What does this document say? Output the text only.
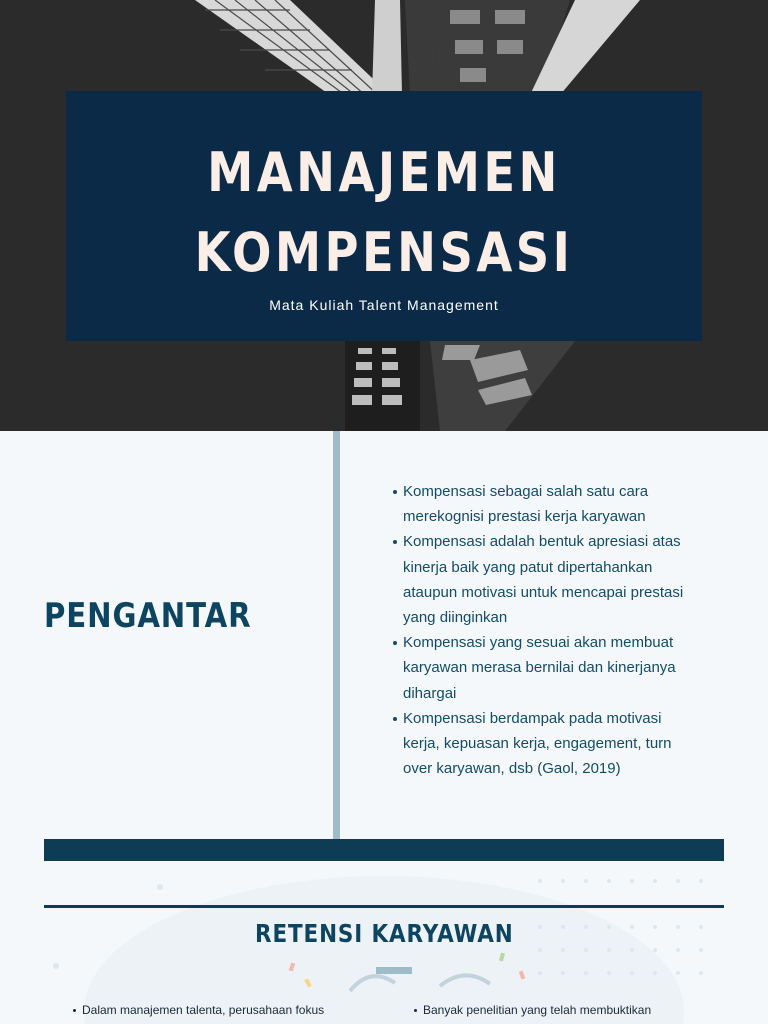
MANAJEMEN
KOMPENSASI
Mata Kuliah Talent Management
PENGANTAR
Kompensasi sebagai salah satu cara merekognisi prestasi kerja karyawan
Kompensasi adalah bentuk apresiasi atas kinerja baik yang patut dipertahankan ataupun motivasi untuk mencapai prestasi yang diinginkan
Kompensasi yang sesuai akan membuat karyawan merasa bernilai dan kinerjanya dihargai
Kompensasi berdampak pada motivasi kerja, kepuasan kerja, engagement, turn over karyawan, dsb (Gaol, 2019)
RETENSI KARYAWAN
Dalam manajemen talenta, perusahaan fokus	Banyak penelitian yang telah membuktikan
